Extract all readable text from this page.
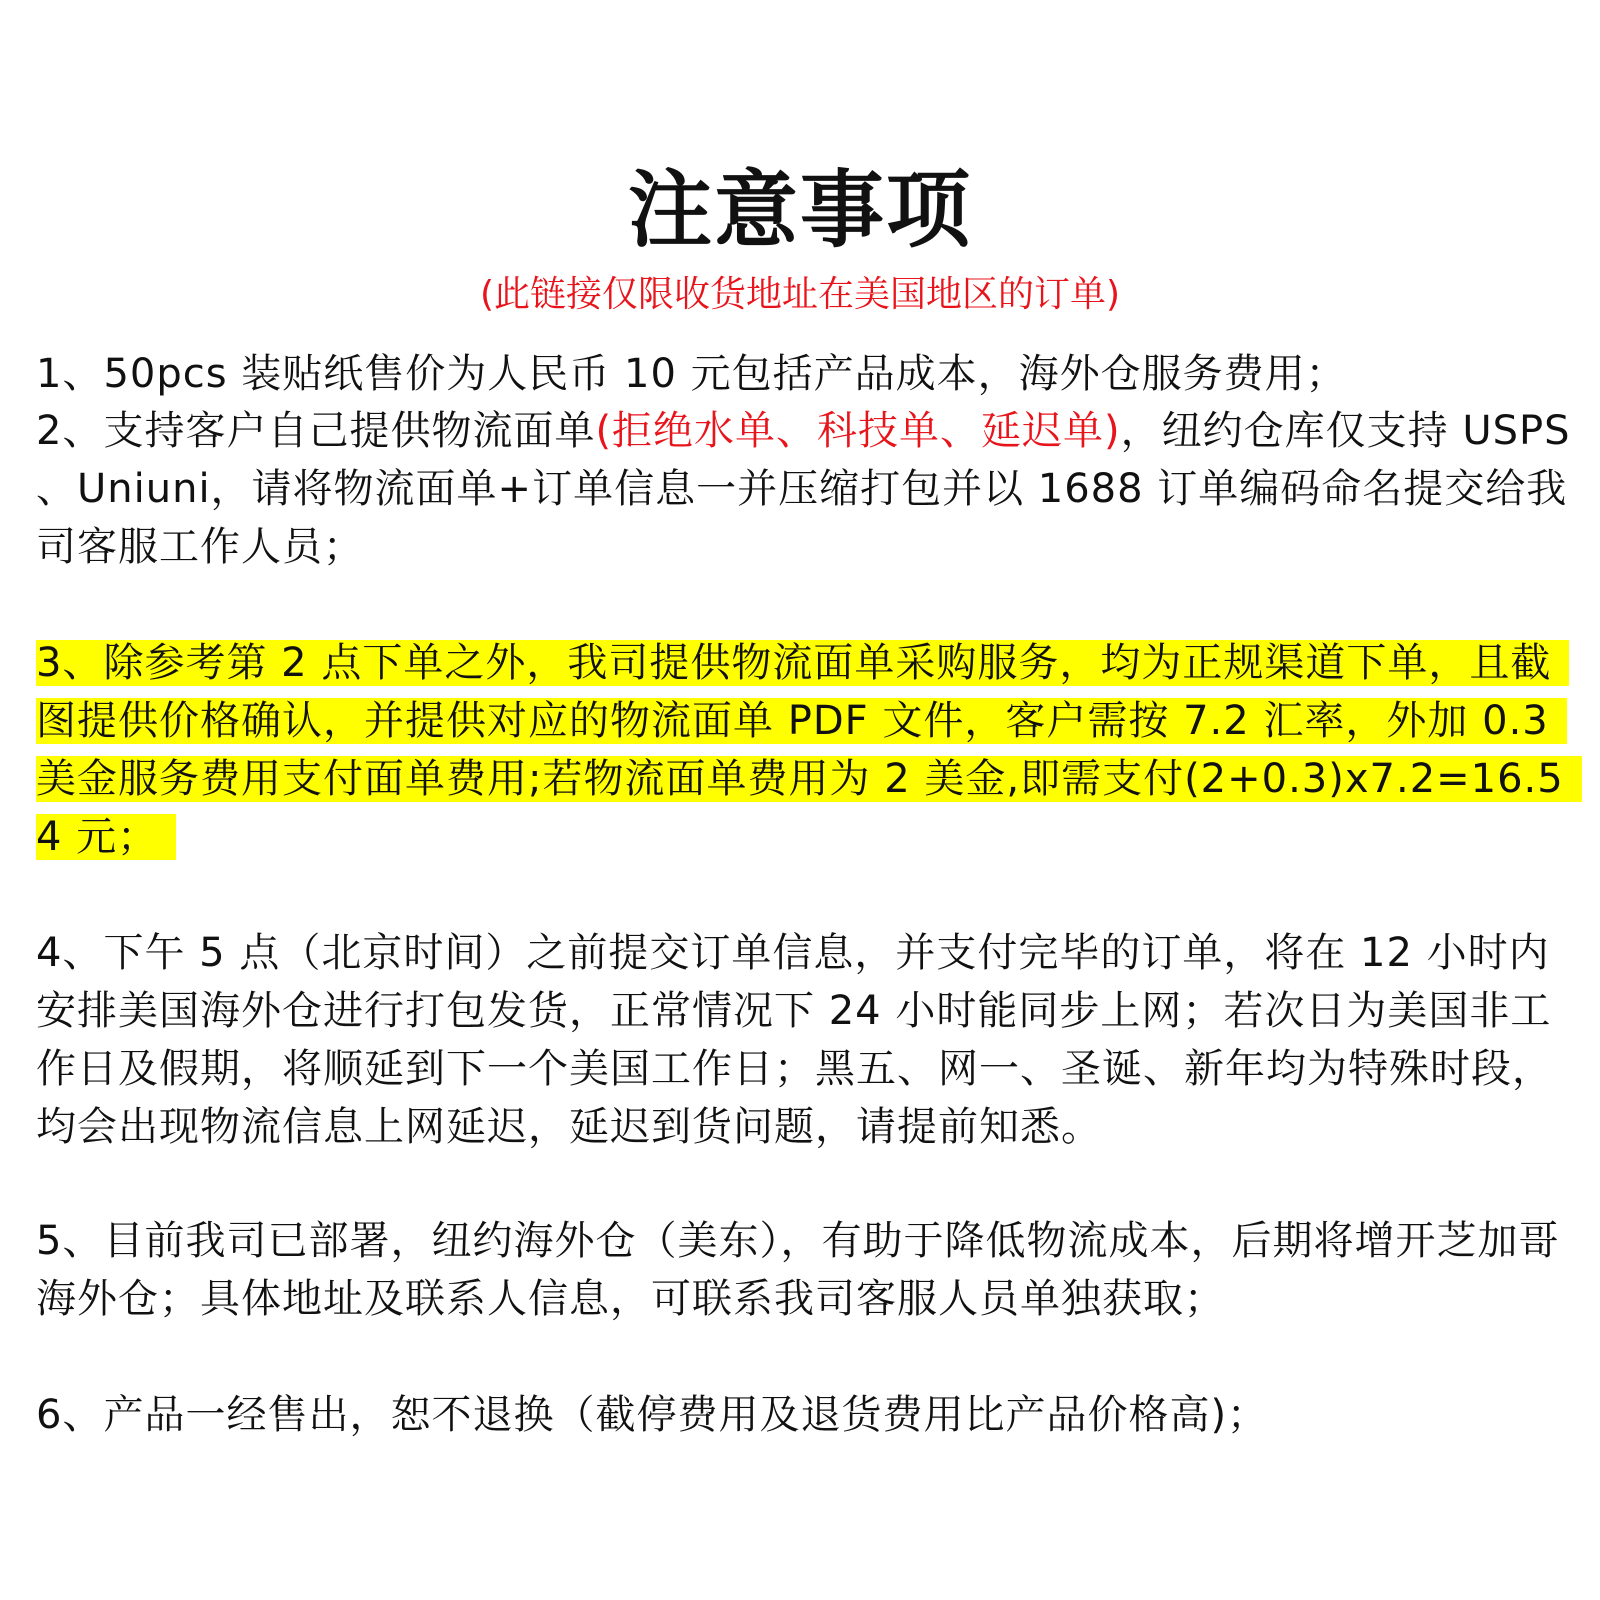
注意事项
(此链接仅限收货地址在美国地区的订单)
1、50pcs 装贴纸售价为人民币 10 元包括产品成本，海外仓服务费用；
2、支持客户自己提供物流面单(拒绝水单、科技单、延迟单)，纽约仓库仅支持 USPS 、Uniuni，请将物流面单+订单信息一并压缩打包并以 1688 订单编码命名提交给我司客服工作人员；
3、除参考第 2 点下单之外，我司提供物流面单采购服务，均为正规渠道下单，且截图提供价格确认，并提供对应的物流面单 PDF 文件，客户需按 7.2 汇率，外加 0.3 美金服务费用支付面单费用;若物流面单费用为 2 美金,即需支付(2+0.3)x7.2=16.54 元；
4、下午 5 点（北京时间）之前提交订单信息，并支付完毕的订单，将在 12 小时内安排美国海外仓进行打包发货，正常情况下 24 小时能同步上网；若次日为美国非工作日及假期，将顺延到下一个美国工作日；黑五、网一、圣诞、新年均为特殊时段，均会出现物流信息上网延迟，延迟到货问题，请提前知悉。
5、目前我司已部署，纽约海外仓（美东），有助于降低物流成本，后期将增开芝加哥海外仓；具体地址及联系人信息，可联系我司客服人员单独获取；
6、产品一经售出，恕不退换（截停费用及退货费用比产品价格高)；
